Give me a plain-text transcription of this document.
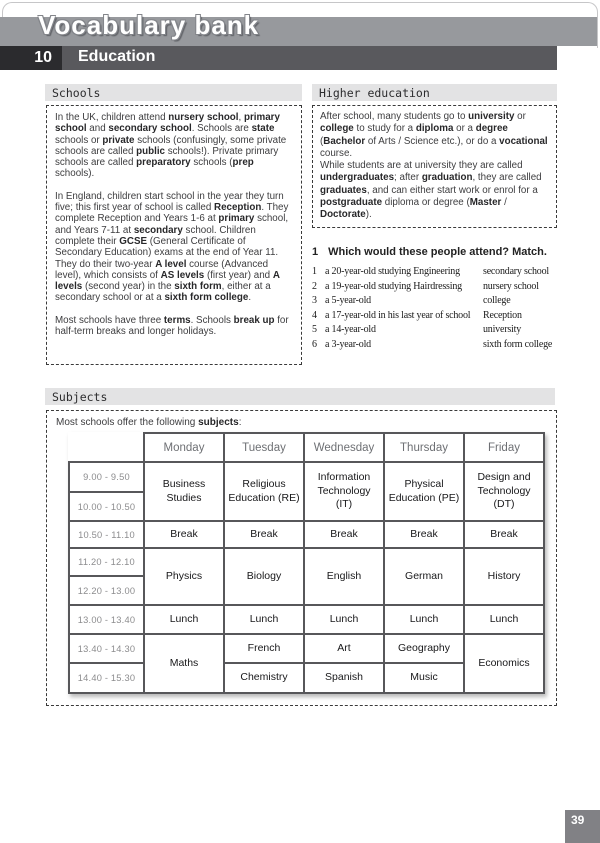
Vocabulary bank
10	Education
Schools

In the UK, children attend nursery school, primary school and secondary school. Schools are state schools or private schools (confusingly, some private schools are called public schools!). Private primary schools are called preparatory schools (prep schools).

In England, children start school in the year they turn five; this first year of school is called Reception. They complete Reception and Years 1-6 at primary school, and Years 7-11 at secondary school. Children complete their GCSE (General Certificate of Secondary Education) exams at the end of Year 11. They do their two-year A level course (Advanced level), which consists of AS levels (first year) and A levels (second year) in the sixth form, either at a secondary school or at a sixth form college.

Most schools have three terms. Schools break up for half-term breaks and longer holidays.

Higher education

After school, many students go to university or college to study for a diploma or a degree (Bachelor of Arts / Science etc.), or do a vocational course.

While students are at university they are called undergraduates; after graduation, they are called graduates, and can either start work or enrol for a postgraduate diploma or degree (Master / Doctorate).

1 Which would these people attend? Match.
1 a 20-year-old studying Engineering	secondary school
2 a 19-year-old studying Hairdressing	nursery school
3 a 5-year-old	college
4 a 17-year-old in his last year of school	Reception
5 a 14-year-old	university
6 a 3-year-old	sixth form college
Subjects

Most schools offer the following subjects:

	Monday	Tuesday	Wednesday	Thursday	Friday
9.00 - 9.50	Business Studies	Religious Education (RE)	Information Technology (IT)	Physical Education (PE)	Design and Technology (DT)
10.00 - 10.50					
10.50 - 11.10	Break	Break	Break	Break	Break
11.20 - 12.10	Physics	Biology	English	German	History
12.20 - 13.00					
13.00 - 13.40	Lunch	Lunch	Lunch	Lunch	Lunch
13.40 - 14.30	Maths	French	Art	Geography	Economics
14.40 - 15.30		Chemistry	Spanish	Music	
39
